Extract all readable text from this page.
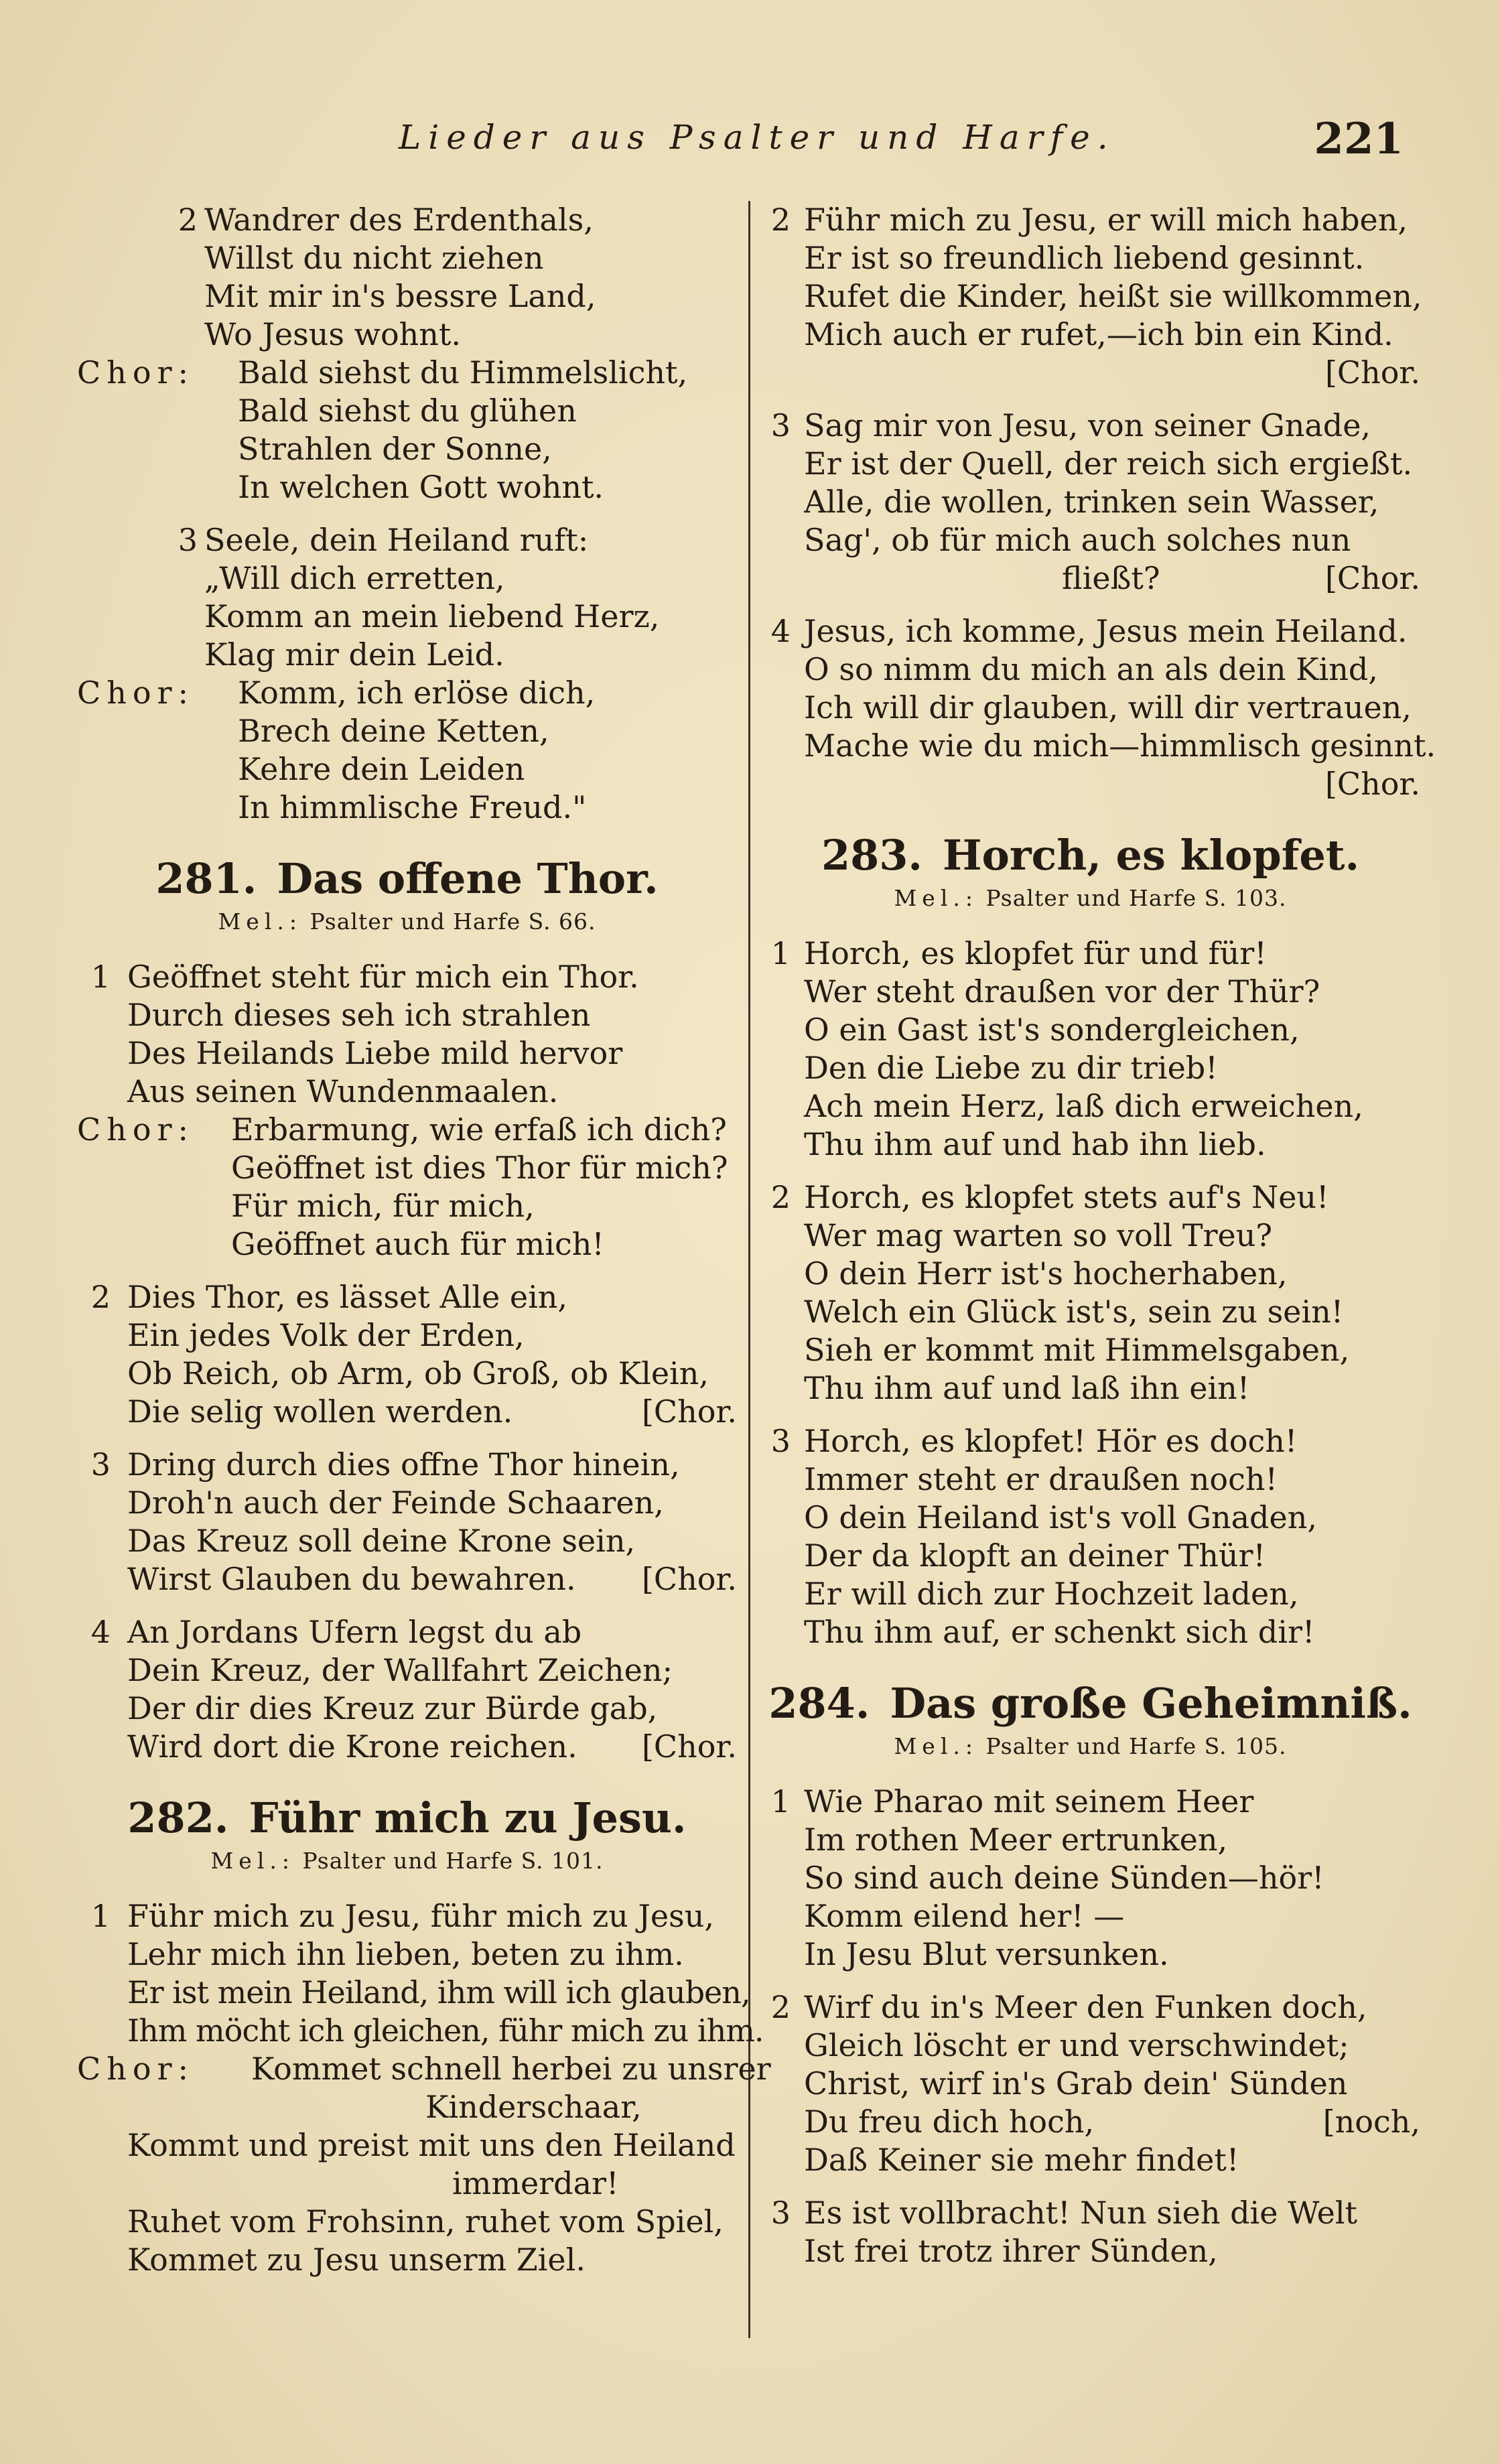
Lieder aus Psalter und Harfe.	221
2 Wandrer des Erdenthals,
Willst du nicht ziehen
Mit mir in's bessre Land,
Wo Jesus wohnt.
Chor: Bald siehst du Himmelslicht,
Bald siehst du glühen
Strahlen der Sonne,
In welchen Gott wohnt.
3 Seele, dein Heiland ruft:
„Will dich erretten,
Komm an mein liebend Herz,
Klag mir dein Leid.
Chor: Komm, ich erlöse dich,
Brech deine Ketten,
Kehre dein Leiden
In himmlische Freud."
281. Das offene Thor.
Mel.: Psalter und Harfe S. 66.
1 Geöffnet steht für mich ein Thor.
Durch dieses seh ich strahlen
Des Heilands Liebe mild hervor
Aus seinen Wundenmaalen.
Chor: Erbarmung, wie erfaß ich dich?
Geöffnet ist dies Thor für mich?
Für mich, für mich,
Geöffnet auch für mich!
2 Dies Thor, es lässet Alle ein,
Ein jedes Volk der Erden,
Ob Reich, ob Arm, ob Groß, ob Klein,
Die selig wollen werden.	[Chor.
3 Dring durch dies offne Thor hinein,
Droh'n auch der Feinde Schaaren,
Das Kreuz soll deine Krone sein,
Wirst Glauben du bewahren. [Chor.
4 An Jordans Ufern legst du ab
Dein Kreuz, der Wallfahrt Zeichen;
Der dir dies Kreuz zur Bürde gab,
Wird dort die Krone reichen. [Chor.
282. Führ mich zu Jesu.
Mel.: Psalter und Harfe S. 101.
1 Führ mich zu Jesu, führ mich zu Jesu,
Lehr mich ihn lieben, beten zu ihm.
Er ist mein Heiland, ihm will ich glauben,
Ihm möcht ich gleichen, führ mich zu ihm.
Chor: Kommet schnell herbei zu unsrer
Kinderschaar,
Kommt und preist mit uns den Heiland
immerdar!
Ruhet vom Frohsinn, ruhet vom Spiel,
Kommet zu Jesu unserm Ziel.
2 Führ mich zu Jesu, er will mich haben,
Er ist so freundlich liebend gesinnt.
Rufet die Kinder, heißt sie willkommen,
Mich auch er rufet,—ich bin ein Kind.
[Chor.

3 Sag mir von Jesu, von seiner Gnade,
Er ist der Quell, der reich sich ergießt.
Alle, die wollen, trinken sein Wasser,
Sag', ob für mich auch solches nun
fließt?	[Chor.
4 Jesus, ich komme, Jesus mein Heiland.
O so nimm du mich an als dein Kind,
Ich will dir glauben, will dir vertrauen,
Mache wie du mich—himmlisch gesinnt.
[Chor.

283. Horch, es klopfet.
Mel.: Psalter und Harfe S. 103.
1 Horch, es klopfet für und für!
Wer steht draußen vor der Thür?
O ein Gast ist's sondergleichen,
Den die Liebe zu dir trieb!
Ach mein Herz, laß dich erweichen,
Thu ihm auf und hab ihn lieb.
2 Horch, es klopfet stets auf's Neu!
Wer mag warten so voll Treu?
O dein Herr ist's hocherhaben,
Welch ein Glück ist's, sein zu sein!
Sieh er kommt mit Himmelsgaben,
Thu ihm auf und laß ihn ein!
3 Horch, es klopfet! Hör es doch!
Immer steht er draußen noch!
O dein Heiland ist's voll Gnaden,
Der da klopft an deiner Thür!
Er will dich zur Hochzeit laden,
Thu ihm auf, er schenkt sich dir!
284. Das große Geheimniß.
Mel.: Psalter und Harfe S. 105.
1 Wie Pharao mit seinem Heer
Im rothen Meer ertrunken,
So sind auch deine Sünden—hör!
Komm eilend her! —
In Jesu Blut versunken.
2 Wirf du in's Meer den Funken doch,
Gleich löscht er und verschwindet;
Christ, wirf in's Grab dein' Sünden
Du freu dich hoch,	[noch,
Daß Keiner sie mehr findet!
3 Es ist vollbracht! Nun sieh die Welt
Ist frei trotz ihrer Sünden,
